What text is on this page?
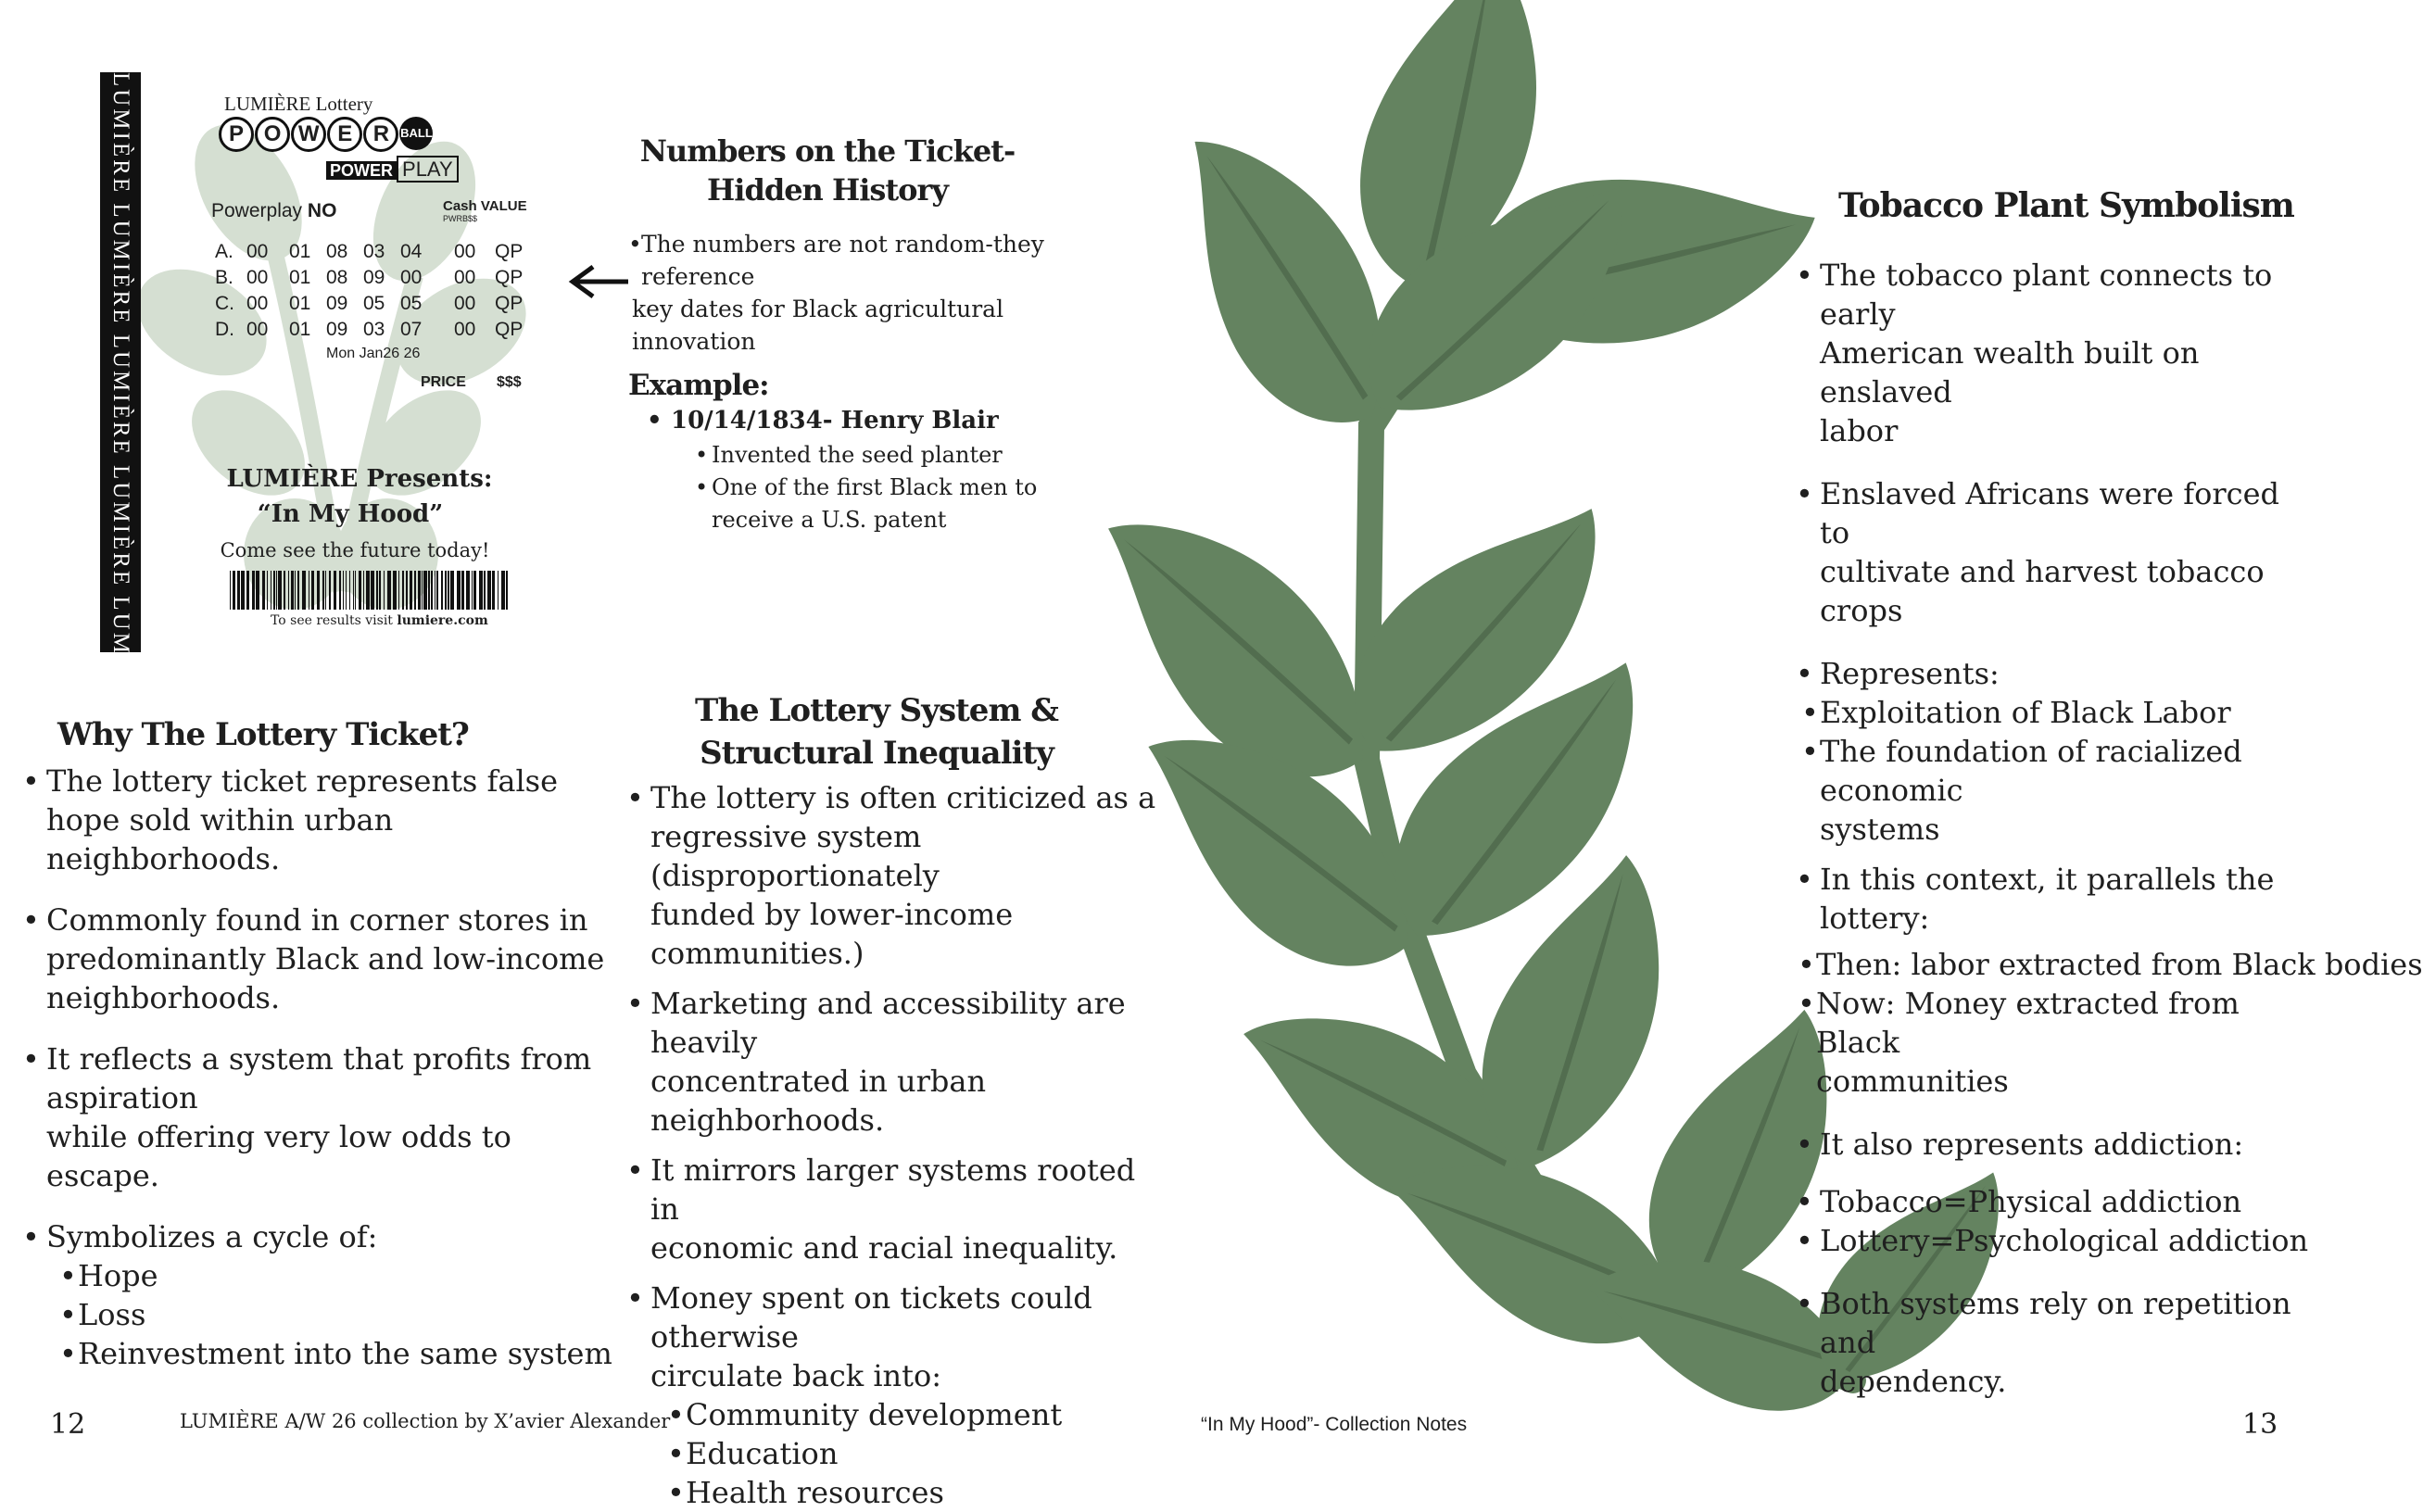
LUMIÈRE LUMIÈRE LUMIÈRE LUMIÈRE LUMIÈRE	LUMIÈRE Lottery
P O W E R BALL
POWER PLAY
Powerplay NO	Cash VALUE
PWRB$$
A. 00 01 08 03 04 00 QP
B. 00 01 08 09 00 00 QP
C. 00 01 09 05 05 00 QP
D. 00 01 09 03 07 00 QP
Mon Jan26 26
PRICE $$$
LUMIÈRE Presents:
“In My Hood”
Come see the future today!
To see results visit lumiere.com
Numbers on the Ticket-
Hidden History
• The numbers are not random-they reference
key dates for Black agricultural innovation
Example:
• 10/14/1834- Henry Blair
• Invented the seed planter
• One of the first Black men to
receive a U.S. patent
Why The Lottery Ticket?
• The lottery ticket represents false
hope sold within urban neighborhoods.
• Commonly found in corner stores in
predominantly Black and low-income
neighborhoods.
• It reflects a system that profits from aspiration
while offering very low odds to escape.
• Symbolizes a cycle of:
• Hope
• Loss
• Reinvestment into the same system
The Lottery System &
Structural Inequality
• The lottery is often criticized as a
regressive system (disproportionately
funded by lower-income communities.)
• Marketing and accessibility are heavily
concentrated in urban neighborhoods.
• It mirrors larger systems rooted in
economic and racial inequality.
• Money spent on tickets could otherwise
circulate back into:
• Community development
• Education
• Health resources
Tobacco Plant Symbolism
• The tobacco plant connects to early
American wealth built on enslaved
labor
• Enslaved Africans were forced to
cultivate and harvest tobacco crops
• Represents:
• Exploitation of Black Labor
• The foundation of racialized economic
systems
• In this context, it parallels the lottery:
• Then: labor extracted from Black bodies
• Now: Money extracted from Black
communities
• It also represents addiction:
• Tobacco=Physical addiction
• Lottery=Psychological addiction
• Both systems rely on repetition and
dependency.
12	LUMIÈRE A/W 26 collection by X’avier Alexander	“In My Hood”- Collection Notes	13
